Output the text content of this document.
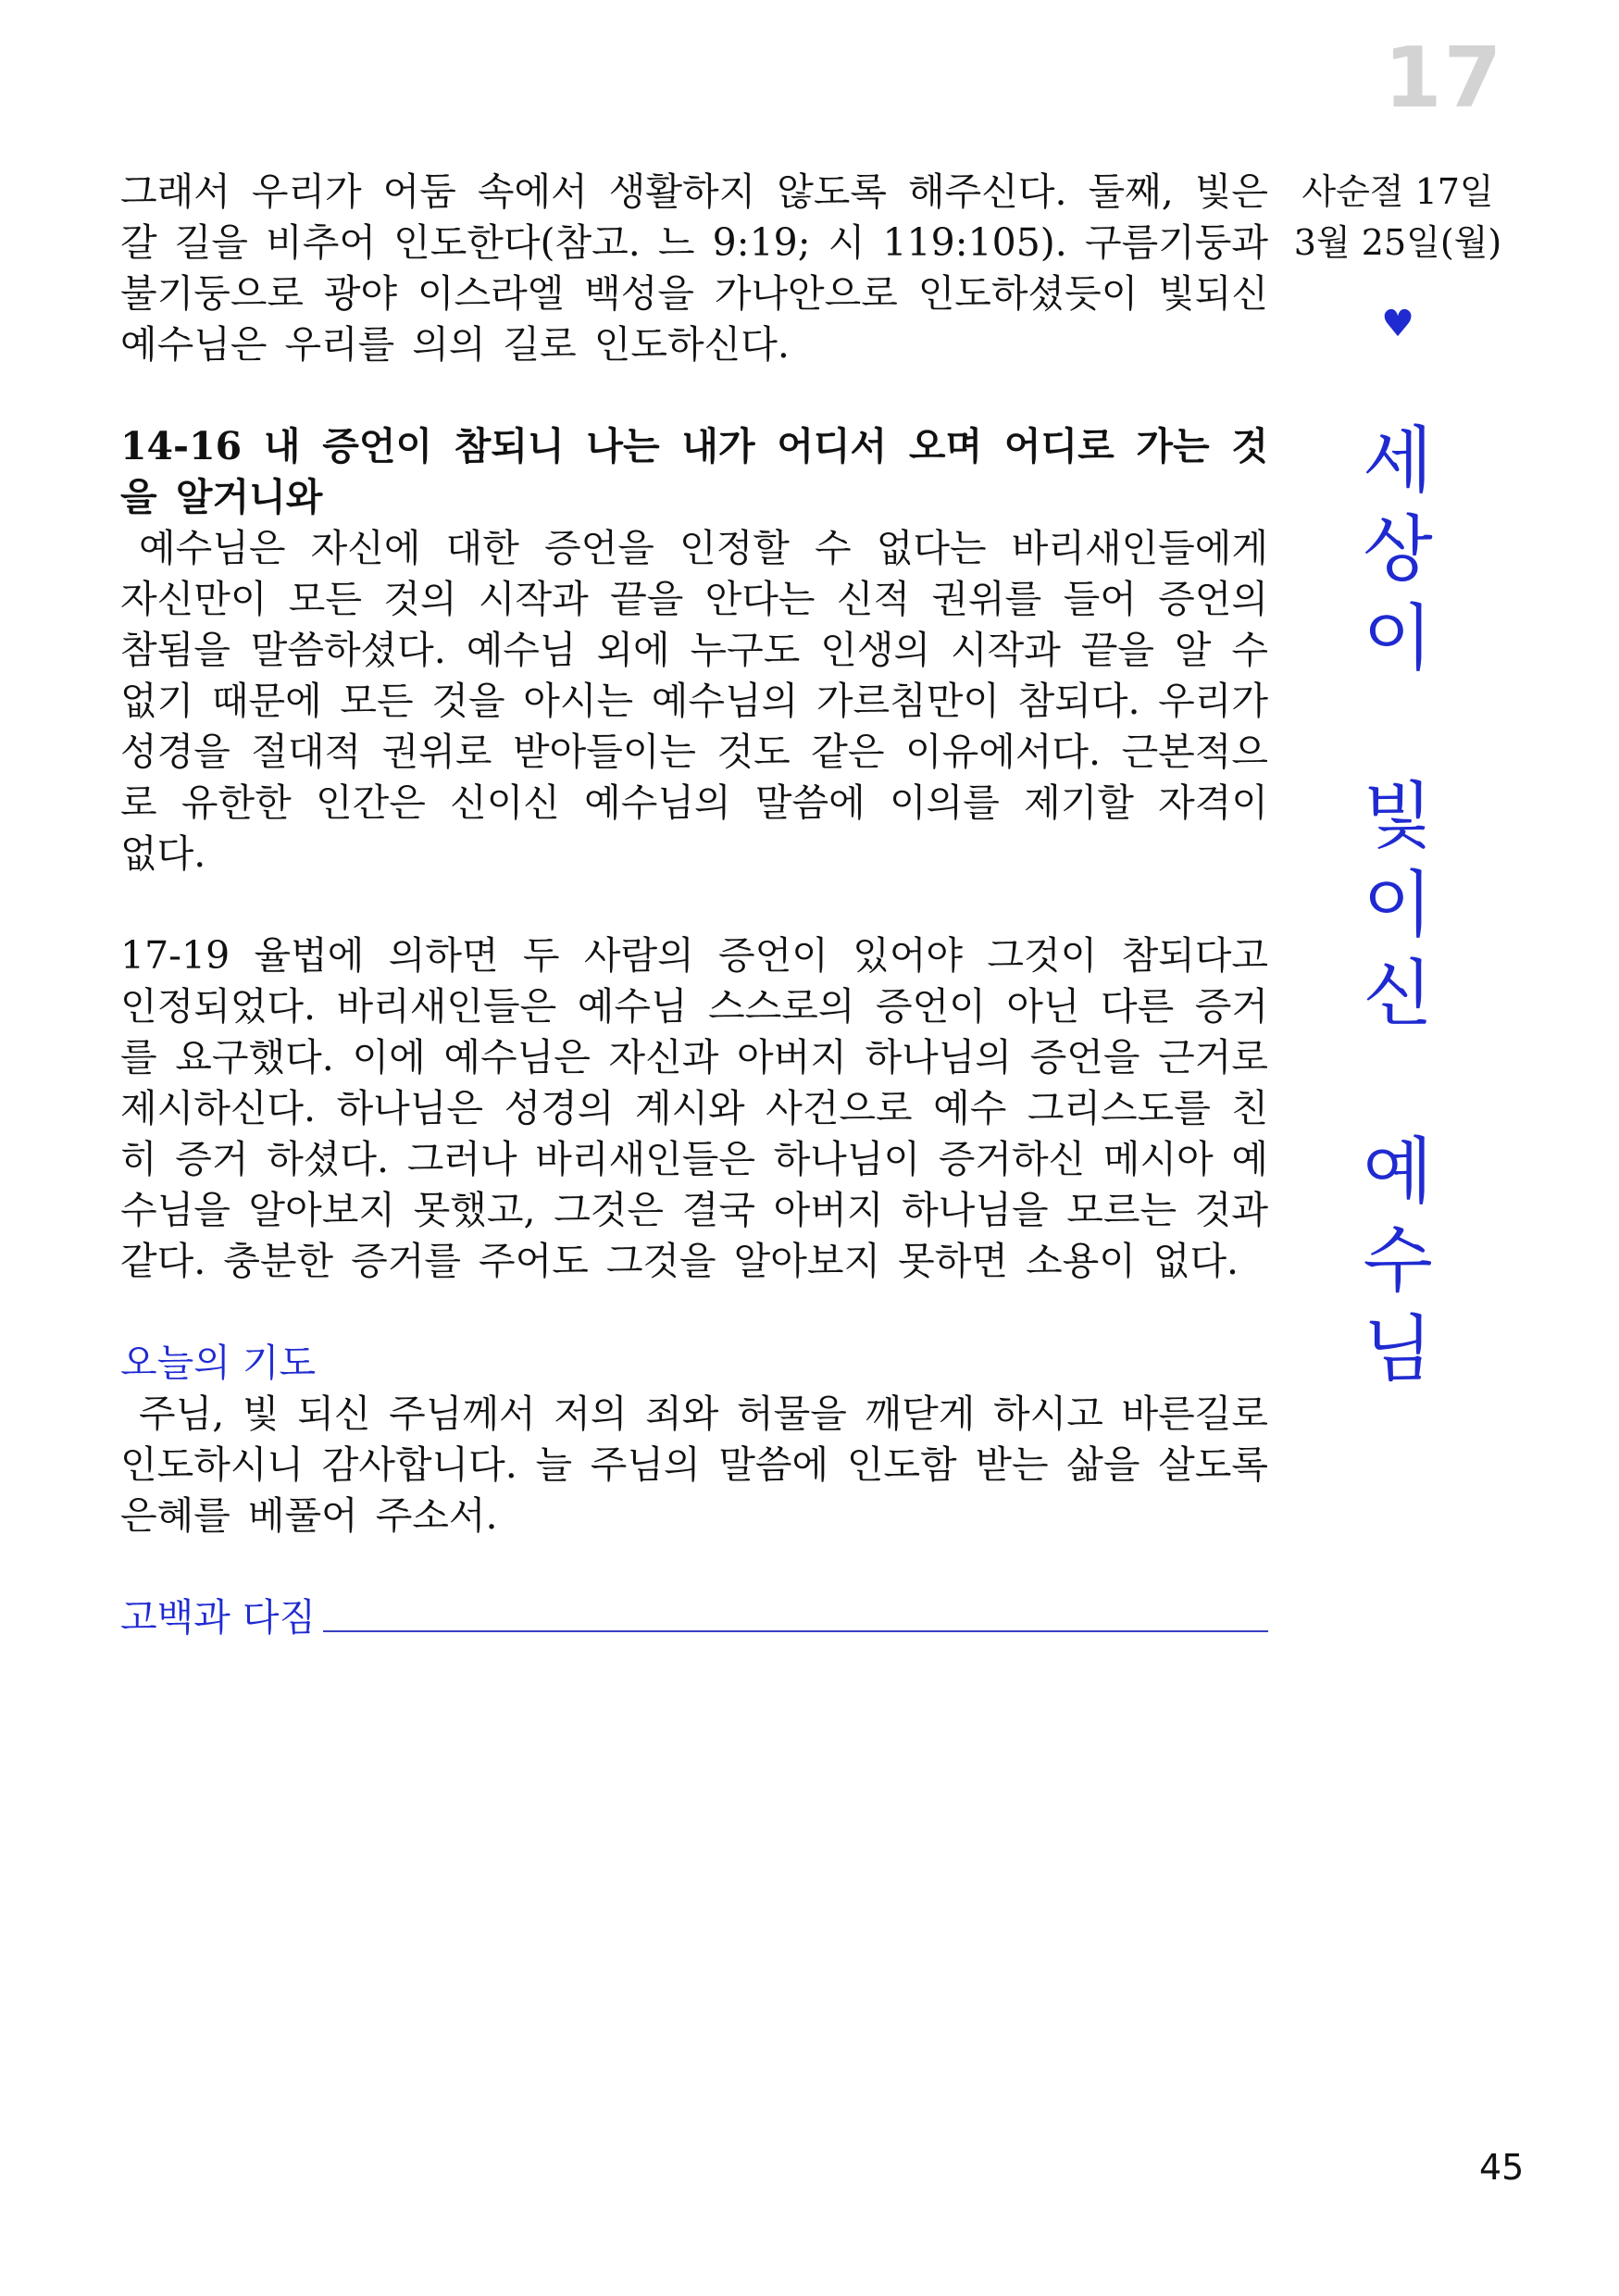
17

그래서 우리가 어둠 속에서 생활하지 않도록 해주신다. 둘째, 빛은 갈 길을 비추어 인도한다(참고. 느 9:19; 시 119:105). 구름기둥과 불기둥으로 광야 이스라엘 백성을 가나안으로 인도하셨듯이 빛되신 예수님은 우리를 의의 길로 인도하신다.

14-16 내 증언이 참되니 나는 내가 어디서 오며 어디로 가는 것을 알거니와

예수님은 자신에 대한 증언을 인정할 수 없다는 바리새인들에게 자신만이 모든 것의 시작과 끝을 안다는 신적 권위를 들어 증언의 참됨을 말씀하셨다. 예수님 외에 누구도 인생의 시작과 끝을 알 수 없기 때문에 모든 것을 아시는 예수님의 가르침만이 참되다. 우리가 성경을 절대적 권위로 받아들이는 것도 같은 이유에서다. 근본적으로 유한한 인간은 신이신 예수님의 말씀에 이의를 제기할 자격이 없다.

17-19 율법에 의하면 두 사람의 증언이 있어야 그것이 참되다고 인정되었다. 바리새인들은 예수님 스스로의 증언이 아닌 다른 증거를 요구했다. 이에 예수님은 자신과 아버지 하나님의 증언을 근거로 제시하신다. 하나님은 성경의 계시와 사건으로 예수 그리스도를 친히 증거 하셨다. 그러나 바리새인들은 하나님이 증거하신 메시아 예수님을 알아보지 못했고, 그것은 결국 아버지 하나님을 모르는 것과 같다. 충분한 증거를 주어도 그것을 알아보지 못하면 소용이 없다.

오늘의 기도

주님, 빛 되신 주님께서 저의 죄와 허물을 깨닫게 하시고 바른길로 인도하시니 감사합니다. 늘 주님의 말씀에 인도함 받는 삶을 살도록 은혜를 베풀어 주소서.

고백과 다짐

사순절 17일

3월 25일(월)

♥
세
상
이

빛
이
신

예
수
님
45
